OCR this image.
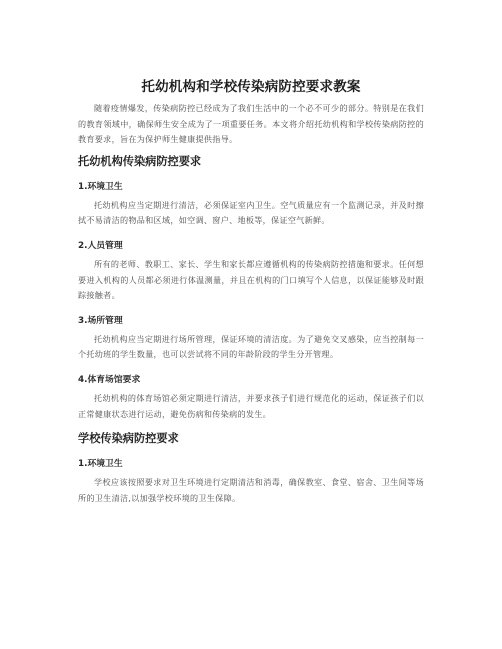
托幼机构和学校传染病防控要求教案

随着疫情爆发，传染病防控已经成为了我们生活中的一个必不可少的部分。特别是在我们的教育领域中，确保师生安全成为了一项重要任务。本文将介绍托幼机构和学校传染病防控的教育要求，旨在为保护师生健康提供指导。

托幼机构传染病防控要求
1.环境卫生

托幼机构应当定期进行清洁，必须保证室内卫生。空气质量应有一个监测记录，并及时擦拭不易清洁的物品和区域，如空调、窗户、地板等，保证空气新鲜。

2.人员管理

所有的老师、教职工、家长、学生和家长都应遵循机构的传染病防控措施和要求。任何想要进入机构的人员都必须进行体温测量，并且在机构的门口填写个人信息，以保证能够及时跟踪接触者。

3.场所管理

托幼机构应当定期进行场所管理，保证环境的清洁度。为了避免交叉感染，应当控制每一个托幼班的学生数量，也可以尝试将不同的年龄阶段的学生分开管理。

4.体育场馆要求

托幼机构的体育场馆必须定期进行清洁，并要求孩子们进行规范化的运动，保证孩子们以正常健康状态进行运动，避免伤病和传染病的发生。

学校传染病防控要求
1.环境卫生

学校应该按照要求对卫生环境进行定期清洁和消毒，确保教室、食堂、宿舍、卫生间等场所的卫生清洁,以加强学校环境的卫生保障。
